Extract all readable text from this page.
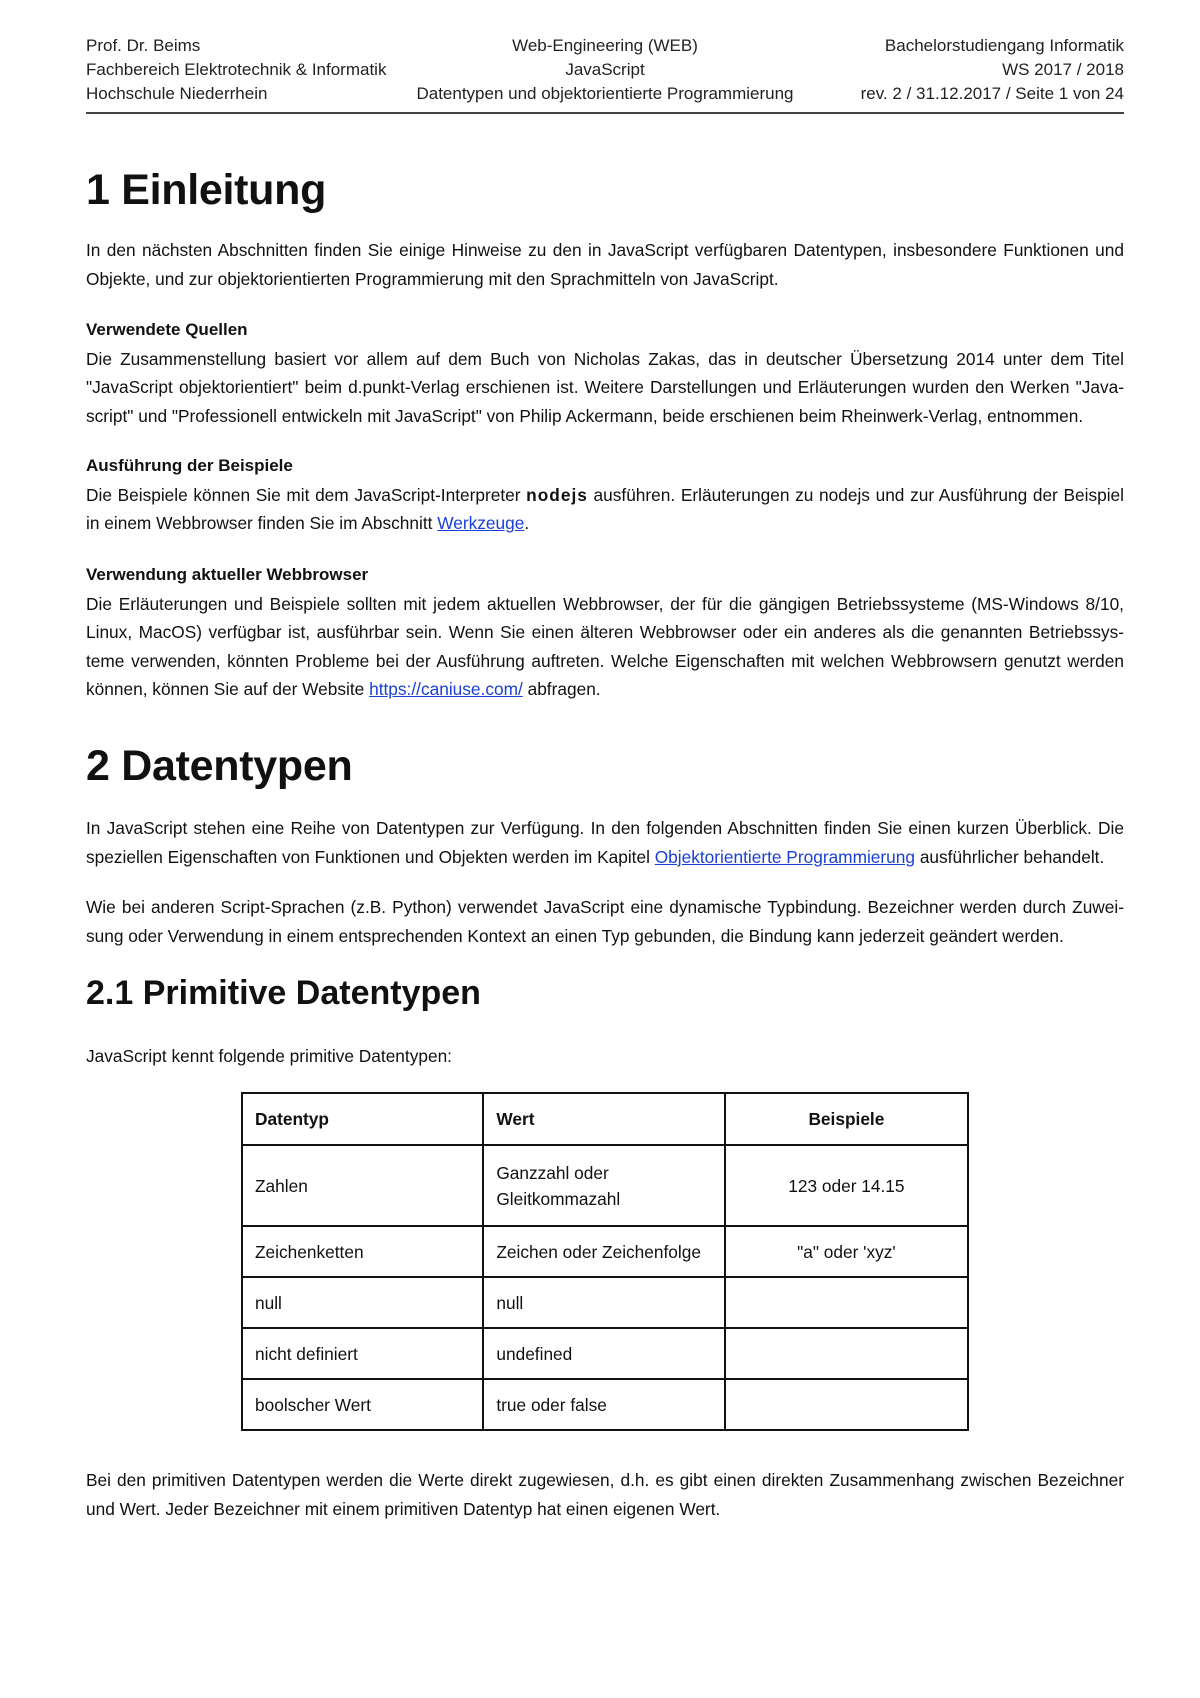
Prof. Dr. Beims
Fachbereich Elektrotechnik & Informatik
Hochschule Niederrhein
Web-Engineering (WEB)
JavaScript
Datentypen und objektorientierte Programmierung
Bachelorstudiengang Informatik
WS 2017 / 2018
rev. 2 / 31.12.2017 / Seite 1 von 24
1 Einleitung

In den nächsten Abschnitten finden Sie einige Hinweise zu den in JavaScript verfügbaren Datentypen, insbesondere Funktionen und Objekte, und zur objektorientierten Programmierung mit den Sprachmitteln von JavaScript.

Verwendete Quellen

Die Zusammenstellung basiert vor allem auf dem Buch von Nicholas Zakas, das in deutscher Übersetzung 2014 unter dem Titel "JavaScript objektorientiert" beim d.punkt-Verlag erschienen ist. Weitere Darstellungen und Erläuterungen wurden den Werken "Java-script" und "Professionell entwickeln mit JavaScript" von Philip Ackermann, beide erschienen beim Rheinwerk-Verlag, entnommen.

Ausführung der Beispiele

Die Beispiele können Sie mit dem JavaScript-Interpreter nodejs ausführen. Erläuterungen zu nodejs und zur Ausführung der Beispiel in einem Webbrowser finden Sie im Abschnitt Werkzeuge.

Verwendung aktueller Webbrowser

Die Erläuterungen und Beispiele sollten mit jedem aktuellen Webbrowser, der für die gängigen Betriebssysteme (MS-Windows 8/10, Linux, MacOS) verfügbar ist, ausführbar sein. Wenn Sie einen älteren Webbrowser oder ein anderes als die genannten Betriebssys-teme verwenden, könnten Probleme bei der Ausführung auftreten. Welche Eigenschaften mit welchen Webbrowsern genutzt werden können, können Sie auf der Website https://caniuse.com/ abfragen.

2 Datentypen

In JavaScript stehen eine Reihe von Datentypen zur Verfügung. In den folgenden Abschnitten finden Sie einen kurzen Überblick. Die speziellen Eigenschaften von Funktionen und Objekten werden im Kapitel Objektorientierte Programmierung ausführlicher behandelt.

Wie bei anderen Script-Sprachen (z.B. Python) verwendet JavaScript eine dynamische Typbindung. Bezeichner werden durch Zuwei-sung oder Verwendung in einem entsprechenden Kontext an einen Typ gebunden, die Bindung kann jederzeit geändert werden.

2.1 Primitive Datentypen

JavaScript kennt folgende primitive Datentypen:

Datentyp	Wert	Beispiele
Zahlen	Ganzzahl oder Gleitkommazahl	123 oder 14.15
Zeichenketten	Zeichen oder Zeichenfolge	"a" oder 'xyz'
null	null	
nicht definiert	undefined	
boolscher Wert	true oder false	

Bei den primitiven Datentypen werden die Werte direkt zugewiesen, d.h. es gibt einen direkten Zusammenhang zwischen Bezeichner und Wert. Jeder Bezeichner mit einem primitiven Datentyp hat einen eigenen Wert.
